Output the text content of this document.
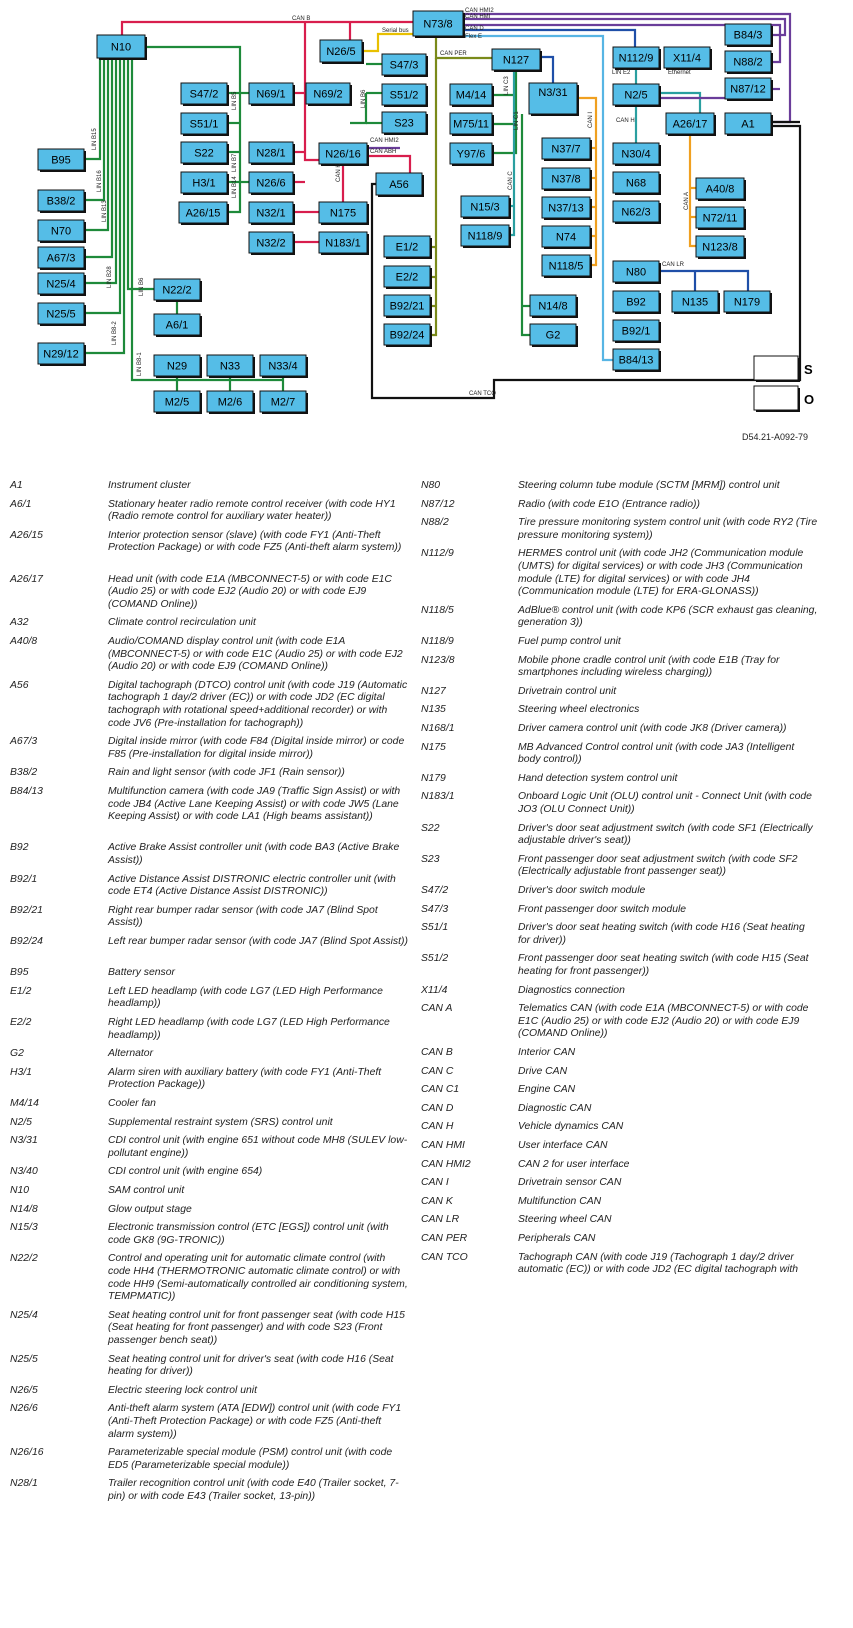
N73/8
N10	N26/5
S47/3
S51/2
S23
S47/2	N69/1	N69/2
S51/1
S22	N28/1	N26/16
H3/1	N26/6
A26/15	N32/1
N32/2
N175
N183/1
A56
B95
B38/2
N70
A67/3
N25/4
N25/5
N29/12
N22/2
A6/1
N29	N33	N33/4
M2/5	M2/6	M2/7
N127
M4/14	N3/31
M75/11
Y97/6	N37/7
N37/8
N37/13
N74
N118/5
N15/3
N118/9
E1/2
E2/2
B92/21
B92/24
N14/8
G2
N112/9 X11/4
B84/3
N88/2
N87/12
N2/5
A26/17	A1
N30/4
N68
N62/3
A40/8
N72/11
N123/8
N80
N135 N179
B92
B92/1
B84/13
CAN B
Serial bus
CAN HMI2
CAN HMI
CAN D
Flex E
CAN PER
CAN HMI2
CAN ABH
CAN K
LIN B15
LIN B16
LIN B13
LIN B28
LIN B8-2
LIN B6
LIN B8-1
LIN B5	LIN B6
LIN B14
LIN B7
LIN C3
LIN C1
CAN C
CAN I
LIN E2	Ethernet
CAN H
CAN A
CAN LR
CAN TCO
S
O
D54.21-A092-79
A1	Instrument cluster
A6/1	Stationary heater radio remote control receiver (with code HY1 (Radio remote control for auxiliary water heater))
A26/15	Interior protection sensor (slave) (with code FY1 (Anti-Theft Protection Package) or with code FZ5 (Anti-theft alarm system))
A26/17	Head unit (with code E1A (MBCONNECT-5) or with code E1C (Audio 25) or with code EJ2 (Audio 20) or with code EJ9 (COMAND Online))
A32	Climate control recirculation unit
A40/8	Audio/COMAND display control unit (with code E1A (MBCONNECT-5) or with code E1C (Audio 25) or with code EJ2 (Audio 20) or with code EJ9 (COMAND Online))
A56	Digital tachograph (DTCO) control unit (with code J19 (Automatic tachograph 1 day/2 driver (EC)) or with code JD2 (EC digital tachograph with rotational speed+additional recorder) or with code JV6 (Pre-installation for tachograph))
A67/3	Digital inside mirror (with code F84 (Digital inside mirror) or code F85 (Pre-installation for digital inside mirror))
B38/2	Rain and light sensor (with code JF1 (Rain sensor))
B84/13	Multifunction camera (with code JA9 (Traffic Sign Assist) or with code JB4 (Active Lane Keeping Assist) or with code JW5 (Lane Keeping Assist) or with code LA1 (High beams assistant))
B92	Active Brake Assist controller unit (with code BA3 (Active Brake Assist))
B92/1	Active Distance Assist DISTRONIC electric controller unit (with code ET4 (Active Distance Assist DISTRONIC))
B92/21	Right rear bumper radar sensor (with code JA7 (Blind Spot Assist))
B92/24	Left rear bumper radar sensor (with code JA7 (Blind Spot Assist))
B95	Battery sensor
E1/2	Left LED headlamp (with code LG7 (LED High Performance headlamp))
E2/2	Right LED headlamp (with code LG7 (LED High Performance headlamp))
G2	Alternator
H3/1	Alarm siren with auxiliary battery (with code FY1 (Anti-Theft Protection Package))
M4/14	Cooler fan
N2/5	Supplemental restraint system (SRS) control unit
N3/31	CDI control unit (with engine 651 without code MH8 (SULEV low-pollutant engine))
N3/40	CDI control unit (with engine 654)
N10	SAM control unit
N14/8	Glow output stage
N15/3	Electronic transmission control (ETC [EGS]) control unit (with code GK8 (9G-TRONIC))
N22/2	Control and operating unit for automatic climate control (with code HH4 (THERMOTRONIC automatic climate control) or with code HH9 (Semi-automatically controlled air conditioning system, TEMPMATIC))
N25/4	Seat heating control unit for front passenger seat (with code H15 (Seat heating for front passenger) and with code S23 (Front passenger bench seat))
N25/5	Seat heating control unit for driver's seat (with code H16 (Seat heating for driver))
N26/5	Electric steering lock control unit
N26/6	Anti-theft alarm system (ATA [EDW]) control unit (with code FY1 (Anti-Theft Protection Package) or with code FZ5 (Anti-theft alarm system))
N26/16	Parameterizable special module (PSM) control unit (with code ED5 (Parameterizable special module))
N28/1	Trailer recognition control unit (with code E40 (Trailer socket, 7-pin) or with code E43 (Trailer socket, 13-pin))
N80	Steering column tube module (SCTM [MRM]) control unit
N87/12	Radio (with code E1O (Entrance radio))
N88/2	Tire pressure monitoring system control unit (with code RY2 (Tire pressure monitoring system))
N112/9	HERMES control unit (with code JH2 (Communication module (UMTS) for digital services) or with code JH3 (Communication module (LTE) for digital services) or with code JH4 (Communication module (LTE) for ERA-GLONASS))
N118/5	AdBlue® control unit (with code KP6 (SCR exhaust gas cleaning, generation 3))
N118/9	Fuel pump control unit
N123/8	Mobile phone cradle control unit (with code E1B (Tray for smartphones including wireless charging))
N127	Drivetrain control unit
N135	Steering wheel electronics
N168/1	Driver camera control unit (with code JK8 (Driver camera))
N175	MB Advanced Control control unit (with code JA3 (Intelligent body control))
N179	Hand detection system control unit
N183/1	Onboard Logic Unit (OLU) control unit - Connect Unit (with code JO3 (OLU Connect Unit))
S22	Driver's door seat adjustment switch (with code SF1 (Electrically adjustable driver's seat))
S23	Front passenger door seat adjustment switch (with code SF2 (Electrically adjustable front passenger seat))
S47/2	Driver's door switch module
S47/3	Front passenger door switch module
S51/1	Driver's door seat heating switch (with code H16 (Seat heating for driver))
S51/2	Front passenger door seat heating switch (with code H15 (Seat heating for front passenger))
X11/4	Diagnostics connection
CAN A	Telematics CAN (with code E1A (MBCONNECT-5) or with code E1C (Audio 25) or with code EJ2 (Audio 20) or with code EJ9 (COMAND Online))
CAN B	Interior CAN
CAN C	Drive CAN
CAN C1	Engine CAN
CAN D	Diagnostic CAN
CAN H	Vehicle dynamics CAN
CAN HMI	User interface CAN
CAN HMI2	CAN 2 for user interface
CAN I	Drivetrain sensor CAN
CAN K	Multifunction CAN
CAN LR	Steering wheel CAN
CAN PER	Peripherals CAN
CAN TCO	Tachograph CAN (with code J19 (Tachograph 1 day/2 driver automatic (EC)) or with code JD2 (EC digital tachograph with
